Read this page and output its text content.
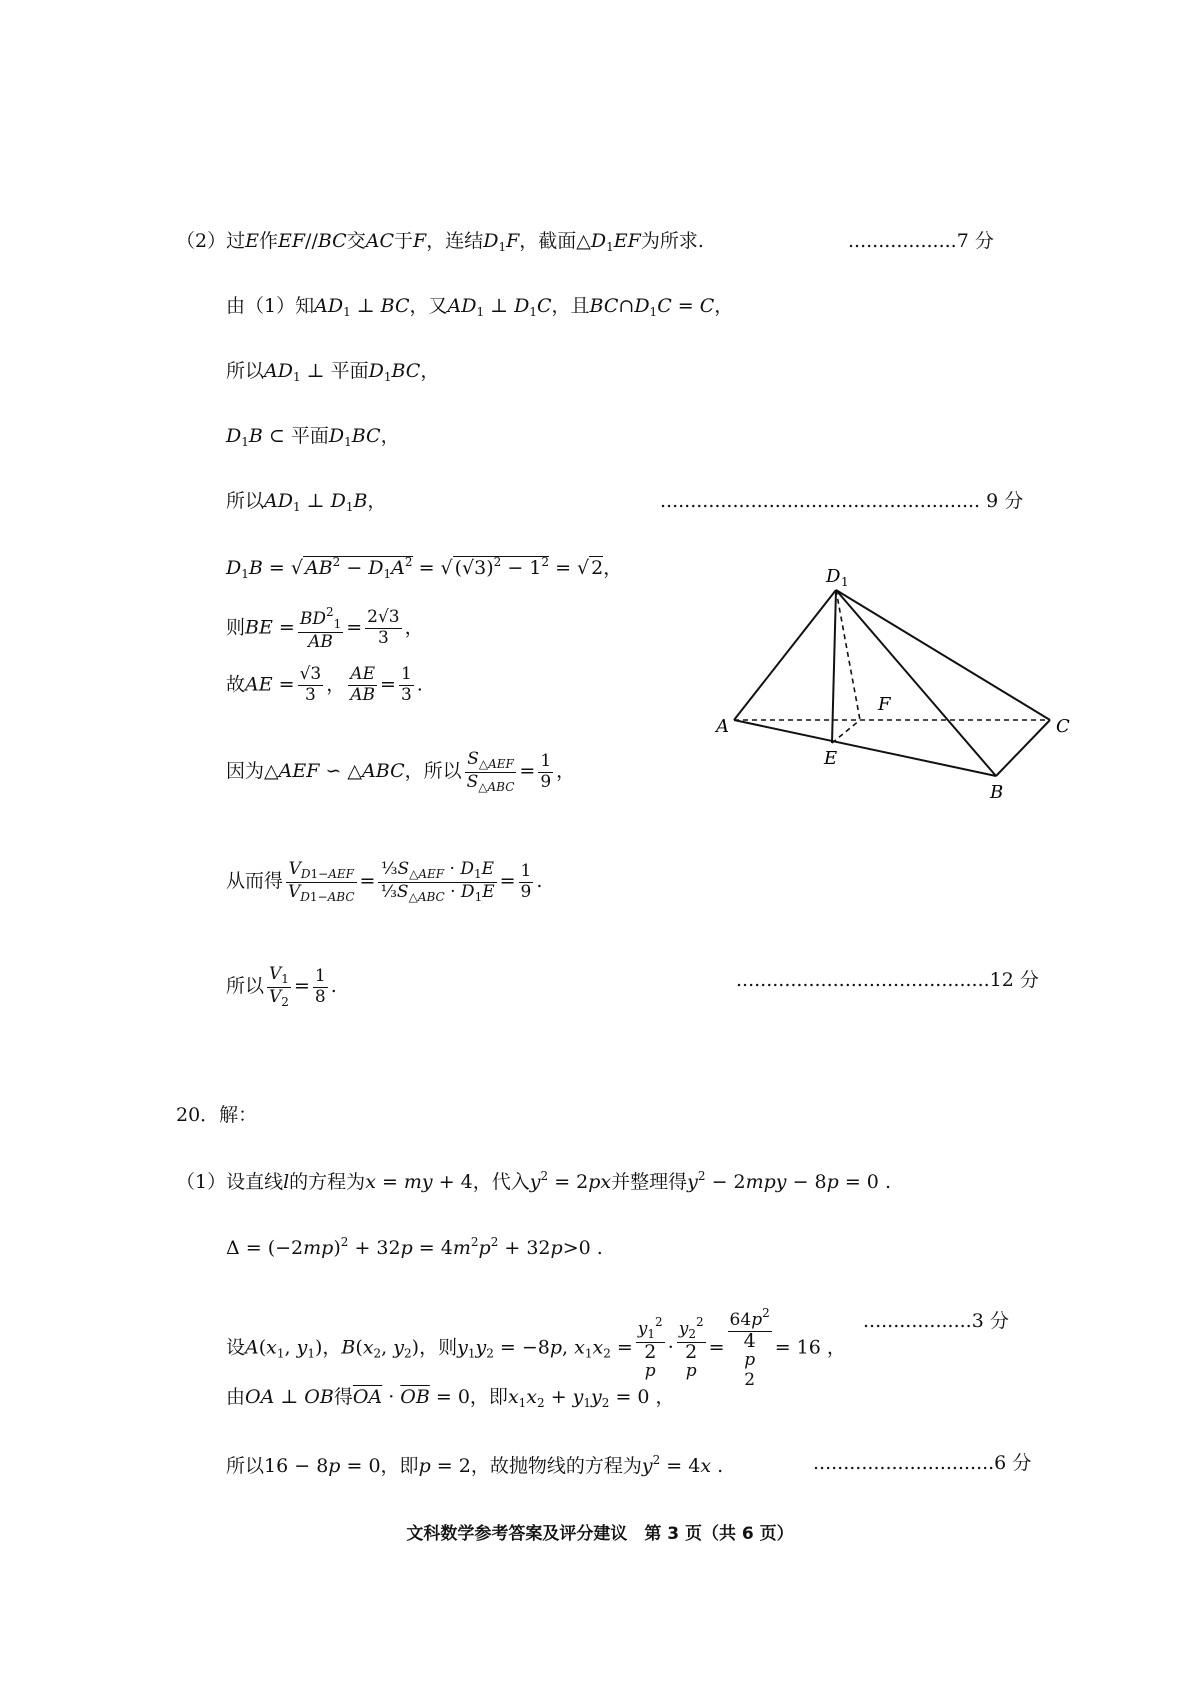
（2）过E作EF//BC交AC于F，连结$D_1F$，截面$\triangle D_1EF$为所求.	..................7 分
由（1）知$AD_1$ ⊥ BC，又$AD_1$ ⊥ $D_1C$，且$BC\cap D_1C = C$，
所以$AD_1$ ⊥ 平面$D_1BC$，
$D_1B$ ⊂ 平面$D_1BC$，
所以$AD_1$ ⊥ $D_1B$，	..................................................... 9 分
$D_1B$ = √ $AB^2 - D_1A^2$ = √ $(√3)^2 - 1^2$ = √ 2，
则BE = $\frac{BD^2_1}{AB} = \frac{2√3}{3}$ ，
故AE = $\frac{√3}{3}$ ， $\frac{AE}{AB} = \frac{1}{3}$ .
因为△AEF ∽ △ABC，所以 $\frac{S_{\triangle AEF}}{S_{\triangle ABC}} = \frac{1}{9}$ ，
从而得 $\frac{V_{D1-AEF}}{V_{D1-ABC}} = \frac{\frac{1}{3}S_{\triangle AEF} \cdot D_1E}{\frac{1}{3}S_{\triangle ABC} \cdot D_1E} = \frac{1}{9}$ .
所以 $\frac{V_1}{V_2} = \frac{1}{8}$ .	..........................................12 分
D 1
A
B
C
E
F
20．解：
（1）设直线l的方程为x = my + 4，代入$y^2 = 2px$并整理得$y^2 - 2mpy - 8p = 0$ .
$\Delta = (-2mp)^2 + 32p = 4m^2p^2 + 32p>0$ .
设$A(x_1$, $y_1$)，$B(x_2$, $y_2$)，则$y_1y_2 = -8p$, $x_1x_2$ =
$y_1^2$
2
p
·
$y_2^2$
2
p
=
$64p^2$
4
p
2
= 16 ，
..................3 分
由OA ⊥ OB得$\overline{OA} \cdot \overline{OB} = 0$，即$x_1x_2 + y_1y_2 = 0$ ，
所以16 − 8p = 0，即p = 2，故抛物线的方程为$y^2 = 4x$ .	..............................6 分
文科数学参考答案及评分建议　第 3 页（共 6 页）
